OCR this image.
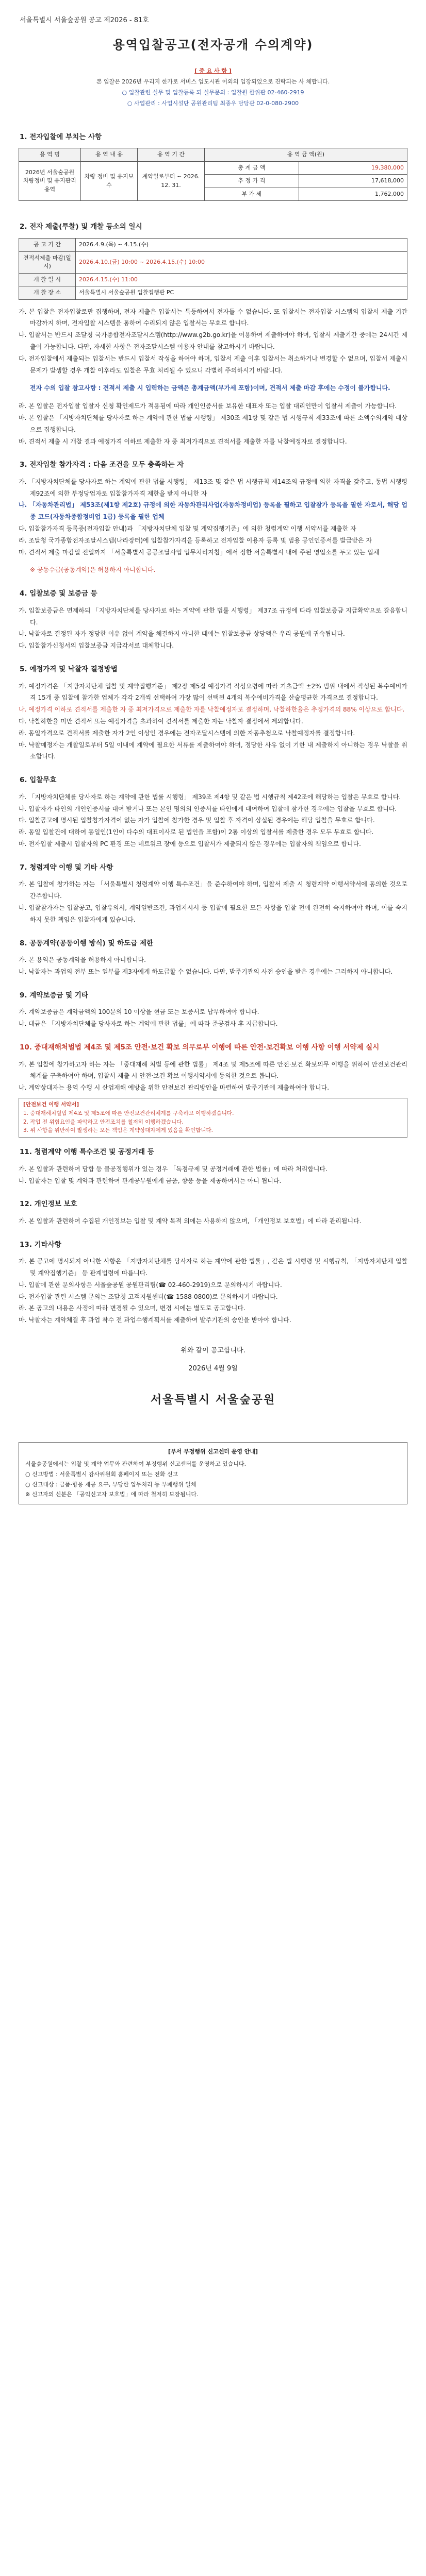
서울특별시 서울숲공원 공고 제2026 - 81호
용역입찰공고(전자공개 수의계약)
[ 중 요 사 항 ]
본 입찰은 2026년 우리지 한가로 서비스 업도시관 이외의 입장되었으로 진락되는 사 체합니다.
○ 입찰관련 실무 및 입찰등록 되 실무문의 : 입찰원 한위관 02-460-2919
○ 사업관리 : 사업시설단 공원관리팀 최종우 담당관 02-0-080-2900
1. 전자입찰에 부치는 사항
용 역 명	용 역 내 용	용 역 기 간	용 역 금 액(원)	
2026년 서울숲공원 차량정비 및 유지관리 용역	차량 정비 및 유지보수	계약일로부터 ~ 2026. 12. 31.	총 계 금 액	19,380,000
			추 정 가 격	17,618,000
			부 가 세	1,762,000
2. 전자 제출(투찰) 및 개찰 등소의 일시
공 고 기 간	2026.4.9.(목) ~ 4.15.(수)
견적서제출 마감(일시)	2026.4.10.(금) 10:00 ~ 2026.4.15.(수) 10:00
개 찰 일 시	2026.4.15.(수) 11:00
개 찰 장 소	서울특별시 서울숲공원 입찰집행관 PC

가. 본 입찰은 전자입찰로만 집행하며, 전자 제출은 입찰서는 특등하여서 전자들 수 없습니다. 또 입찰서는 전자입찰 시스템의 입찰서 제출 기간 마감까지 하며, 전자입찰 시스템을 통하여 수리되지 않은 입찰서는 무효로 합니다.

나. 입찰서는 반드시 조달청 국가종합전자조달시스템(http://www.g2b.go.kr)을 이용하여 제출하여야 하며, 입찰서 제출기간 중에는 24시간 제출이 가능합니다. 다만, 자세한 사항은 전자조달시스템 이용자 안내를 참고하시기 바랍니다.

다. 전자입찰에서 제출되는 입찰서는 반드시 입찰서 작성을 하여야 하며, 입찰서 제출 이후 입찰서는 취소하거나 변경할 수 없으며, 입찰서 제출시 문제가 발생할 경우 개찰 이후라도 입찰은 무효 처리될 수 있으니 각별히 주의하시기 바랍니다.

전자 수의 입찰 참고사항 : 견적서 제출 시 입력하는 금액은 총계금액(부가세 포함)이며, 견적서 제출 마감 후에는 수정이 불가합니다.

라. 본 입찰은 전자입찰 입찰자 신청 확인제도가 적용됨에 따라 개인인증서를 보유한 대표자 또는 입찰 대리인만이 입찰서 제출이 가능합니다.

마. 본 입찰은 「지방자치단체를 당사자로 하는 계약에 관한 법률 시행령」 제30조 제1항 및 같은 법 시행규칙 제33조에 따른 소액수의계약 대상으로 집행합니다.

바. 견적서 제출 시 개찰 결과 예정가격 이하로 제출한 자 중 최저가격으로 견적서를 제출한 자를 낙찰예정자로 결정합니다.

3. 전자입찰 참가자격 : 다음 조건을 모두 충족하는 자

가. 「지방자치단체를 당사자로 하는 계약에 관한 법률 시행령」 제13조 및 같은 법 시행규칙 제14조의 규정에 의한 자격을 갖추고, 동법 시행령 제92조에 의한 부정당업자로 입찰참가자격 제한을 받지 아니한 자

나. 「자동차관리법」 제53조(제1항 제2호) 규정에 의한 자동차관리사업(자동차정비업) 등록을 필하고 입찰참가 등록을 필한 자로서, 해당 업종 코드(자동차종합정비업 1급) 등록을 필한 업체

다. 입찰참가자격 등록증(전자입찰 안내)과 「지방자치단체 입찰 및 계약집행기준」에 의한 청렴계약 이행 서약서를 제출한 자

라. 조달청 국가종합전자조달시스템(나라장터)에 입찰참가자격을 등록하고 전자입찰 이용자 등록 및 범용 공인인증서를 발급받은 자

마. 견적서 제출 마감일 전일까지 「서울특별시 공공조달사업 업무처리지침」에서 정한 서울특별시 내에 주된 영업소를 두고 있는 업체

※ 공동수급(공동계약)은 허용하지 아니합니다.

4. 입찰보증 및 보증금 등

가. 입찰보증금은 면제하되 「지방자치단체를 당사자로 하는 계약에 관한 법률 시행령」 제37조 규정에 따라 입찰보증금 지급확약으로 갈음합니다.

나. 낙찰자로 결정된 자가 정당한 이유 없이 계약을 체결하지 아니한 때에는 입찰보증금 상당액은 우리 공원에 귀속됩니다.

다. 입찰참가신청서의 입찰보증금 지급각서로 대체합니다.

5. 예정가격 및 낙찰자 결정방법

가. 예정가격은 「지방자치단체 입찰 및 계약집행기준」 제2장 제5절 예정가격 작성요령에 따라 기초금액 ±2% 범위 내에서 작성된 복수예비가격 15개 중 입찰에 참가한 업체가 각각 2개씩 선택하여 가장 많이 선택된 4개의 복수예비가격을 산술평균한 가격으로 결정합니다.

나. 예정가격 이하로 견적서를 제출한 자 중 최저가격으로 제출한 자를 낙찰예정자로 결정하며, 낙찰하한율은 추정가격의 88% 이상으로 합니다.

다. 낙찰하한율 미만 견적서 또는 예정가격을 초과하여 견적서를 제출한 자는 낙찰자 결정에서 제외합니다.

라. 동일가격으로 견적서를 제출한 자가 2인 이상인 경우에는 전자조달시스템에 의한 자동추첨으로 낙찰예정자를 결정합니다.

마. 낙찰예정자는 개찰일로부터 5일 이내에 계약에 필요한 서류를 제출하여야 하며, 정당한 사유 없이 기한 내 제출하지 아니하는 경우 낙찰을 취소합니다.

6. 입찰무효

가. 「지방자치단체를 당사자로 하는 계약에 관한 법률 시행령」 제39조 제4항 및 같은 법 시행규칙 제42조에 해당하는 입찰은 무효로 합니다.

나. 입찰자가 타인의 개인인증서를 대여 받거나 또는 본인 명의의 인증서를 타인에게 대여하여 입찰에 참가한 경우에는 입찰을 무효로 합니다.

다. 입찰공고에 명시된 입찰참가자격이 없는 자가 입찰에 참가한 경우 및 입찰 후 자격이 상실된 경우에는 해당 입찰을 무효로 합니다.

라. 동일 입찰건에 대하여 동일인(1인이 다수의 대표이사로 된 법인을 포함)이 2통 이상의 입찰서를 제출한 경우 모두 무효로 합니다.

마. 전자입찰 제출시 입찰자의 PC 환경 또는 네트워크 장애 등으로 입찰서가 제출되지 않은 경우에는 입찰자의 책임으로 합니다.

7. 청렴계약 이행 및 기타 사항

가. 본 입찰에 참가하는 자는 「서울특별시 청렴계약 이행 특수조건」을 준수하여야 하며, 입찰서 제출 시 청렴계약 이행서약서에 동의한 것으로 간주합니다.

나. 입찰참가자는 입찰공고, 입찰유의서, 계약일반조건, 과업지시서 등 입찰에 필요한 모든 사항을 입찰 전에 완전히 숙지하여야 하며, 이를 숙지하지 못한 책임은 입찰자에게 있습니다.

8. 공동계약(공동이행 방식) 및 하도급 제한

가. 본 용역은 공동계약을 허용하지 아니합니다.

나. 낙찰자는 과업의 전부 또는 일부를 제3자에게 하도급할 수 없습니다. 다만, 발주기관의 사전 승인을 받은 경우에는 그러하지 아니합니다.

9. 계약보증금 및 기타

가. 계약보증금은 계약금액의 100분의 10 이상을 현금 또는 보증서로 납부하여야 합니다.

나. 대금은 「지방자치단체를 당사자로 하는 계약에 관한 법률」에 따라 준공검사 후 지급합니다.

10. 중대재해처벌법 제4조 및 제5조 안전·보건 확보 의무로부 이행에 따른 안전·보건확보 이행 사항 이행 서약제 실시

가. 본 입찰에 참가하고자 하는 자는 「중대재해 처벌 등에 관한 법률」 제4조 및 제5조에 따른 안전·보건 확보의무 이행을 위하여 안전보건관리체계를 구축하여야 하며, 입찰서 제출 시 안전·보건 확보 이행서약서에 동의한 것으로 봅니다.

나. 계약상대자는 용역 수행 시 산업재해 예방을 위한 안전보건 관리방안을 마련하여 발주기관에 제출하여야 합니다.

[안전보건 이행 서약서]
1. 중대재해처벌법 제4조 및 제5조에 따른 안전보건관리체계를 구축하고 이행하겠습니다.
2. 작업 전 위험요인을 파악하고 안전조치를 철저히 이행하겠습니다.
3. 위 사항을 위반하여 발생하는 모든 책임은 계약상대자에게 있음을 확인합니다.
11. 청렴계약 이행 특수조건 및 공정거래 등

가. 본 입찰과 관련하여 담합 등 불공정행위가 있는 경우 「독점규제 및 공정거래에 관한 법률」에 따라 처리합니다.

나. 입찰자는 입찰 및 계약과 관련하여 관계공무원에게 금품, 향응 등을 제공하여서는 아니 됩니다.

12. 개인정보 보호

가. 본 입찰과 관련하여 수집된 개인정보는 입찰 및 계약 목적 외에는 사용하지 않으며, 「개인정보 보호법」에 따라 관리됩니다.

13. 기타사항

가. 본 공고에 명시되지 아니한 사항은 「지방자치단체를 당사자로 하는 계약에 관한 법률」, 같은 법 시행령 및 시행규칙, 「지방자치단체 입찰 및 계약집행기준」 등 관계법령에 따릅니다.

나. 입찰에 관한 문의사항은 서울숲공원 공원관리팀(☎ 02-460-2919)으로 문의하시기 바랍니다.

다. 전자입찰 관련 시스템 문의는 조달청 고객지원센터(☎ 1588-0800)로 문의하시기 바랍니다.

라. 본 공고의 내용은 사정에 따라 변경될 수 있으며, 변경 시에는 별도로 공고합니다.

마. 낙찰자는 계약체결 후 과업 착수 전 과업수행계획서를 제출하여 발주기관의 승인을 받아야 합니다.

위와 같이 공고합니다.
2026년 4월 9일
서울특별시 서울숲공원
[부서 부정행위 신고센터 운영 안내]
서울숲공원에서는 입찰 및 계약 업무와 관련하여 부정행위 신고센터를 운영하고 있습니다.
○ 신고방법 : 서울특별시 감사위원회 홈페이지 또는 전화 신고
○ 신고대상 : 금품·향응 제공 요구, 부당한 업무처리 등 부패행위 일체
※ 신고자의 신분은 「공익신고자 보호법」에 따라 철저히 보장됩니다.
